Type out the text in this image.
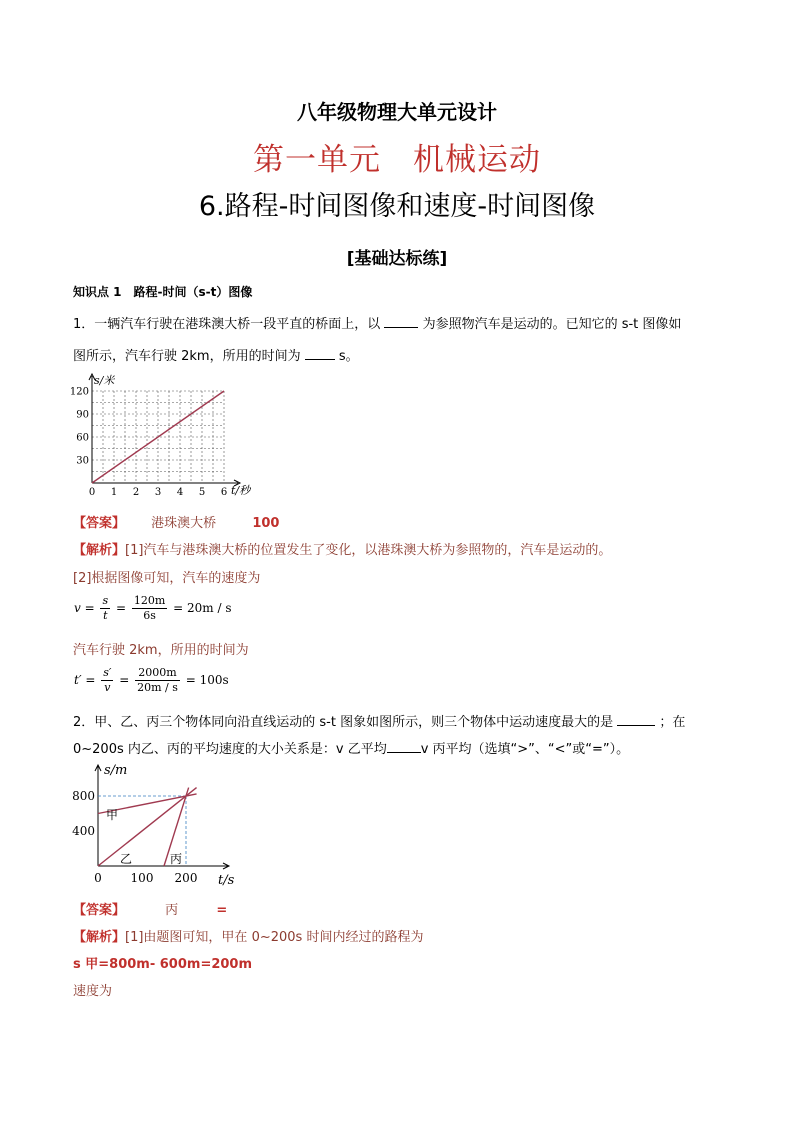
八年级物理大单元设计
第一单元　机械运动
6.路程-时间图像和速度-时间图像
[基础达标练]
知识点 1　路程-时间（s-t）图像
1．一辆汽车行驶在港珠澳大桥一段平直的桥面上，以	为参照物汽车是运动的。已知它的 s-t 图像如
图所示，汽车行驶 2km，所用的时间为	s。
0 1 2 3 4 5 6
30
60
90
120
s/米
t/秒
【答案】 港珠澳大桥	100
【解析】[1]汽车与港珠澳大桥的位置发生了变化，以港珠澳大桥为参照物的，汽车是运动的。
[2]根据图像可知，汽车的速度为
$v = \frac{s}{t} = \frac{120m}{6s} = 20m / s$
汽车行驶 2km，所用的时间为
$t' = \frac{s'}{v} = \frac{2000m}{20m / s} = 100s$
2．甲、乙、丙三个物体同向沿直线运动的 s-t 图象如图所示，则三个物体中运动速度最大的是	；在
0~200s 内乙、丙的平均速度的大小关系是：v 乙平均	v 丙平均（选填“>”、“<”或“=”）。
0 100 200
400
800
甲
乙	丙
s/m
t/s
【答案】	丙	=
【解析】[1]由题图可知，甲在 0~200s 时间内经过的路程为
s 甲=800m- 600m=200m
速度为
